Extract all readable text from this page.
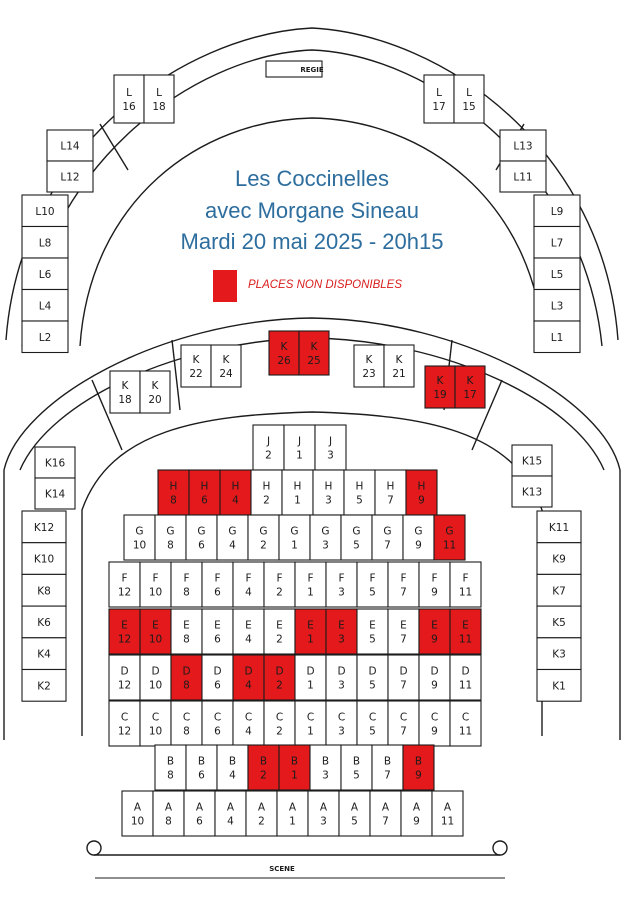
L
16
L
18
L
17
L
15
L14
L12
L13
L11
L10
L8
L6
L4
L2
L9
L7
L5
L3
L1
K
18
K
20
K
22
K
24
K
26
K
25	K
23
K
21
K
19
K
17
K16
K14
K15
K13
K12
K10
K8
K6
K4
K2
K11
K9
K7
K5
K3
K1
J
2
J
1
J
3
H
8
H
6
H
4
H
2
H
1
H
3
H
5
H
7
H
9
G
10
G
8
G
6
G
4
G
2
G
1
G
3
G
5
G
7
G
9
G
11
F
12
F
10
F
8
F
6
F
4
F
2
F
1
F
3
F
5
F
7
F
9
F
11
E
12
E
10
E
8
E
6
E
4
E
2
E
1
E
3
E
5
E
7
E
9
E
11
D
12
D
10
D
8
D
6
D
4
D
2
D
1
D
3
D
5
D
7
D
9
D
11
C
12
C
10
C
8
C
6
C
4
C
2
C
1
C
3
C
5
C
7
C
9
C
11
B
8
B
6
B
4
B
2
B
1
B
3
B
5
B
7
B
9
A
10
A
8
A
6
A
4
A
2
A
1
A
3
A
5
A
7
A
9
A
11
REGIE
SCENE
Les Coccinelles
avec Morgane Sineau
Mardi 20 mai 2025 - 20h15
PLACES NON DISPONIBLES
